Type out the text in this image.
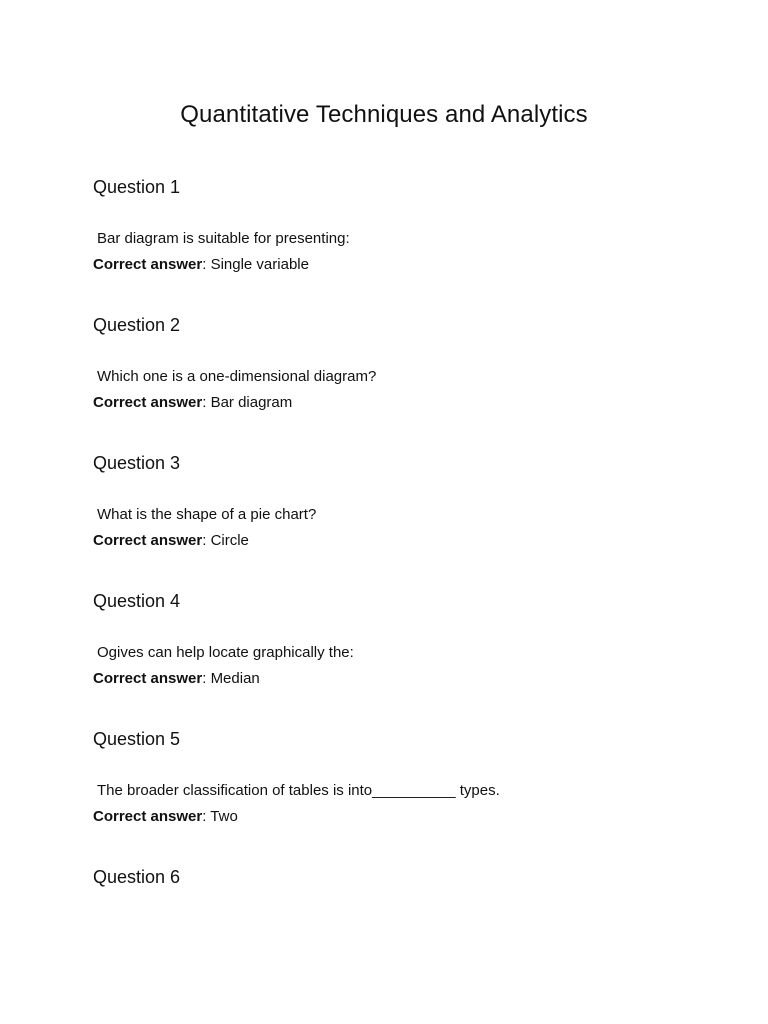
Quantitative Techniques and Analytics
Question 1

Bar diagram is suitable for presenting:

Correct answer: Single variable

Question 2

Which one is a one-dimensional diagram?

Correct answer: Bar diagram

Question 3

What is the shape of a pie chart?

Correct answer: Circle

Question 4

Ogives can help locate graphically the:

Correct answer: Median

Question 5

The broader classification of tables is into__________ types.

Correct answer: Two

Question 6
